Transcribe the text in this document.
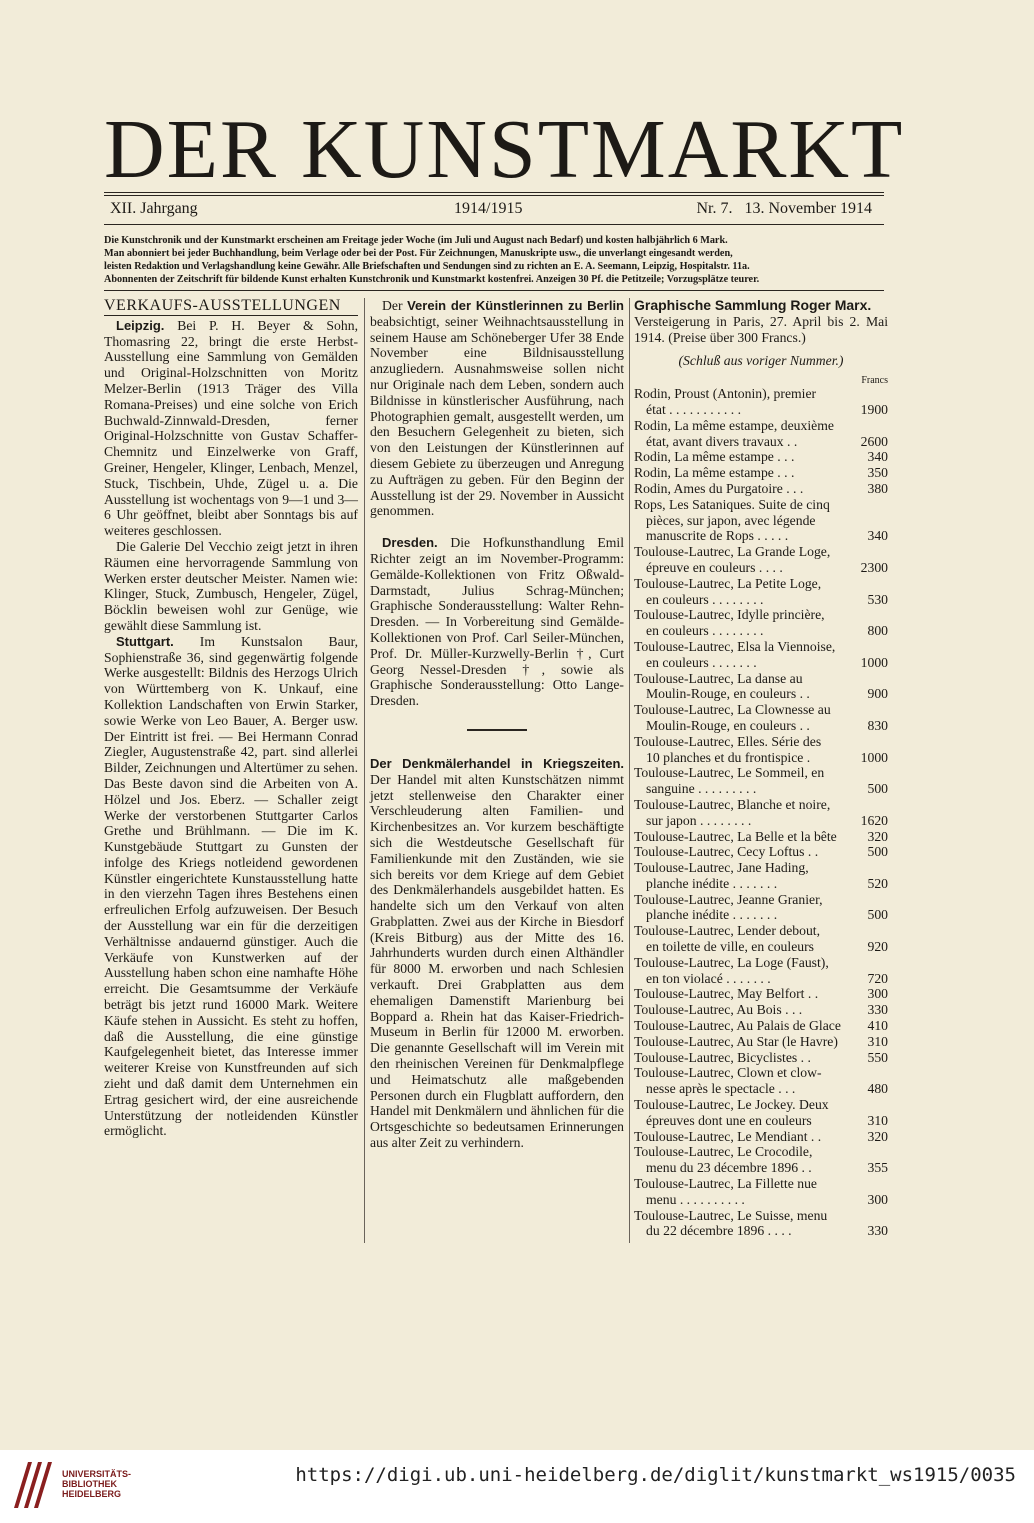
DER KUNSTMARKT
XII. Jahrgang	1914/1915	Nr. 7.   13. November 1914
Die Kunstchronik und der Kunstmarkt erscheinen am Freitage jeder Woche (im Juli und August nach Bedarf) und kosten halbjährlich 6 Mark.
Man abonniert bei jeder Buchhandlung, beim Verlage oder bei der Post. Für Zeichnungen, Manuskripte usw., die unverlangt eingesandt werden,
leisten Redaktion und Verlagshandlung keine Gewähr. Alle Briefschaften und Sendungen sind zu richten an E. A. Seemann, Leipzig, Hospitalstr. 11a.
Abonnenten der Zeitschrift für bildende Kunst erhalten Kunstchronik und Kunstmarkt kostenfrei. Anzeigen 30 Pf. die Petitzeile; Vorzugsplätze teurer.
VERKAUFS-AUSSTELLUNGEN

Leipzig. Bei P. H. Beyer & Sohn, Thomasring 22, bringt die erste Herbst-Ausstellung eine Sammlung von Gemälden und Original-Holzschnitten von Moritz Melzer-Berlin (1913 Träger des Villa Romana-Preises) und eine solche von Erich Buchwald-Zinnwald-Dresden, ferner Original-Holzschnitte von Gustav Schaffer-Chemnitz und Einzelwerke von Graff, Greiner, Hengeler, Klinger, Lenbach, Menzel, Stuck, Tischbein, Uhde, Zügel u. a. Die Ausstellung ist wochentags von 9—1 und 3—6 Uhr geöffnet, bleibt aber Sonntags bis auf weiteres geschlossen.

Die Galerie Del Vecchio zeigt jetzt in ihren Räumen eine hervorragende Sammlung von Werken erster deutscher Meister. Namen wie: Klinger, Stuck, Zumbusch, Hengeler, Zügel, Böcklin beweisen wohl zur Genüge, wie gewählt diese Sammlung ist.

Stuttgart. Im Kunstsalon Baur, Sophienstraße 36, sind gegenwärtig folgende Werke ausgestellt: Bildnis des Herzogs Ulrich von Württemberg von K. Unkauf, eine Kollektion Landschaften von Erwin Starker, sowie Werke von Leo Bauer, A. Berger usw. Der Eintritt ist frei. — Bei Hermann Conrad Ziegler, Augustenstraße 42, part. sind allerlei Bilder, Zeichnungen und Altertümer zu sehen. Das Beste davon sind die Arbeiten von A. Hölzel und Jos. Eberz. — Schaller zeigt Werke der verstorbenen Stuttgarter Carlos Grethe und Brühlmann. — Die im K. Kunstgebäude Stuttgart zu Gunsten der infolge des Kriegs notleidend gewordenen Künstler eingerichtete Kunstausstellung hatte in den vierzehn Tagen ihres Bestehens einen erfreulichen Erfolg aufzuweisen. Der Besuch der Ausstellung war ein für die derzeitigen Verhältnisse andauernd günstiger. Auch die Verkäufe von Kunstwerken auf der Ausstellung haben schon eine namhafte Höhe erreicht. Die Gesamtsumme der Verkäufe beträgt bis jetzt rund 16000 Mark. Weitere Käufe stehen in Aussicht. Es steht zu hoffen, daß die Ausstellung, die eine günstige Kaufgelegenheit bietet, das Interesse immer weiterer Kreise von Kunstfreunden auf sich zieht und daß damit dem Unternehmen ein Ertrag gesichert wird, der eine ausreichende Unterstützung der notleidenden Künstler ermöglicht.

Der Verein der Künstlerinnen zu Berlin beabsichtigt, seiner Weihnachtsausstellung in seinem Hause am Schöneberger Ufer 38 Ende November eine Bildnisausstellung anzugliedern. Ausnahmsweise sollen nicht nur Originale nach dem Leben, sondern auch Bildnisse in künstlerischer Ausführung, nach Photographien gemalt, ausgestellt werden, um den Besuchern Gelegenheit zu bieten, sich von den Leistungen der Künstlerinnen auf diesem Gebiete zu überzeugen und Anregung zu Aufträgen zu geben. Für den Beginn der Ausstellung ist der 29. November in Aussicht genommen.

Dresden. Die Hofkunsthandlung Emil Richter zeigt an im November-Programm: Gemälde-Kollektionen von Fritz Oßwald-Darmstadt, Julius Schrag-München; Graphische Sonderausstellung: Walter Rehn-Dresden. — In Vorbereitung sind Gemälde-Kollektionen von Prof. Carl Seiler-München, Prof. Dr. Müller-Kurzwelly-Berlin †, Curt Georg Nessel-Dresden †, sowie als Graphische Sonderausstellung: Otto Lange-Dresden.

Der Denkmälerhandel in Kriegszeiten. Der Handel mit alten Kunstschätzen nimmt jetzt stellenweise den Charakter einer Verschleuderung alten Familien- und Kirchenbesitzes an. Vor kurzem beschäftigte sich die Westdeutsche Gesellschaft für Familienkunde mit den Zuständen, wie sie sich bereits vor dem Kriege auf dem Gebiet des Denkmälerhandels ausgebildet hatten. Es handelte sich um den Verkauf von alten Grabplatten. Zwei aus der Kirche in Biesdorf (Kreis Bitburg) aus der Mitte des 16. Jahrhunderts wurden durch einen Althändler für 8000 M. erworben und nach Schlesien verkauft. Drei Grabplatten aus dem ehemaligen Damenstift Marienburg bei Boppard a. Rhein hat das Kaiser-Friedrich-Museum in Berlin für 12000 M. erworben. Die genannte Gesellschaft will im Verein mit den rheinischen Vereinen für Denkmalpflege und Heimatschutz alle maßgebenden Personen durch ein Flugblatt auffordern, den Handel mit Denkmälern und ähnlichen für die Ortsgeschichte so bedeutsamen Erinnerungen aus alter Zeit zu verhindern.

Graphische Sammlung Roger Marx.

Versteigerung in Paris, 27. April bis 2. Mai 1914. (Preise über 300 Francs.)

(Schluß aus voriger Nummer.)
Francs
Rodin, Proust (Antonin), premier
état . . . . . . . . . . .	1900
Rodin, La même estampe, deuxième
état, avant divers travaux . .	2600
Rodin, La même estampe . . .	340
Rodin, La même estampe . . .	350
Rodin, Ames du Purgatoire . . .	380
Rops, Les Sataniques. Suite de cinq
pièces, sur japon, avec légende
manuscrite de Rops . . . . .	340
Toulouse-Lautrec, La Grande Loge,
épreuve en couleurs . . . .	2300
Toulouse-Lautrec, La Petite Loge,
en couleurs . . . . . . . .	530
Toulouse-Lautrec, Idylle princière,
en couleurs . . . . . . . .	800
Toulouse-Lautrec, Elsa la Viennoise,
en couleurs . . . . . . .	1000
Toulouse-Lautrec, La danse au
Moulin-Rouge, en couleurs . .	900
Toulouse-Lautrec, La Clownesse au
Moulin-Rouge, en couleurs . .	830
Toulouse-Lautrec, Elles. Série des
10 planches et du frontispice .	1000
Toulouse-Lautrec, Le Sommeil, en
sanguine . . . . . . . . .	500
Toulouse-Lautrec, Blanche et noire,
sur japon . . . . . . . .	1620
Toulouse-Lautrec, La Belle et la bête	320
Toulouse-Lautrec, Cecy Loftus . .	500
Toulouse-Lautrec, Jane Hading,
planche inédite . . . . . . .	520
Toulouse-Lautrec, Jeanne Granier,
planche inédite . . . . . . .	500
Toulouse-Lautrec, Lender debout,
en toilette de ville, en couleurs	920
Toulouse-Lautrec, La Loge (Faust),
en ton violacé . . . . . . .	720
Toulouse-Lautrec, May Belfort . .	300
Toulouse-Lautrec, Au Bois . . .	330
Toulouse-Lautrec, Au Palais de Glace	410
Toulouse-Lautrec, Au Star (le Havre)	310
Toulouse-Lautrec, Bicyclistes . .	550
Toulouse-Lautrec, Clown et clow-
nesse après le spectacle . . .	480
Toulouse-Lautrec, Le Jockey. Deux
épreuves dont une en couleurs	310
Toulouse-Lautrec, Le Mendiant . .	320
Toulouse-Lautrec, Le Crocodile,
menu du 23 décembre 1896 . .	355
Toulouse-Lautrec, La Fillette nue
menu . . . . . . . . . .	300
Toulouse-Lautrec, Le Suisse, menu
du 22 décembre 1896 . . . .	330
UNIVERSITÄTS-
BIBLIOTHEK
HEIDELBERG
https://digi.ub.uni-heidelberg.de/diglit/kunstmarkt_ws1915/0035
